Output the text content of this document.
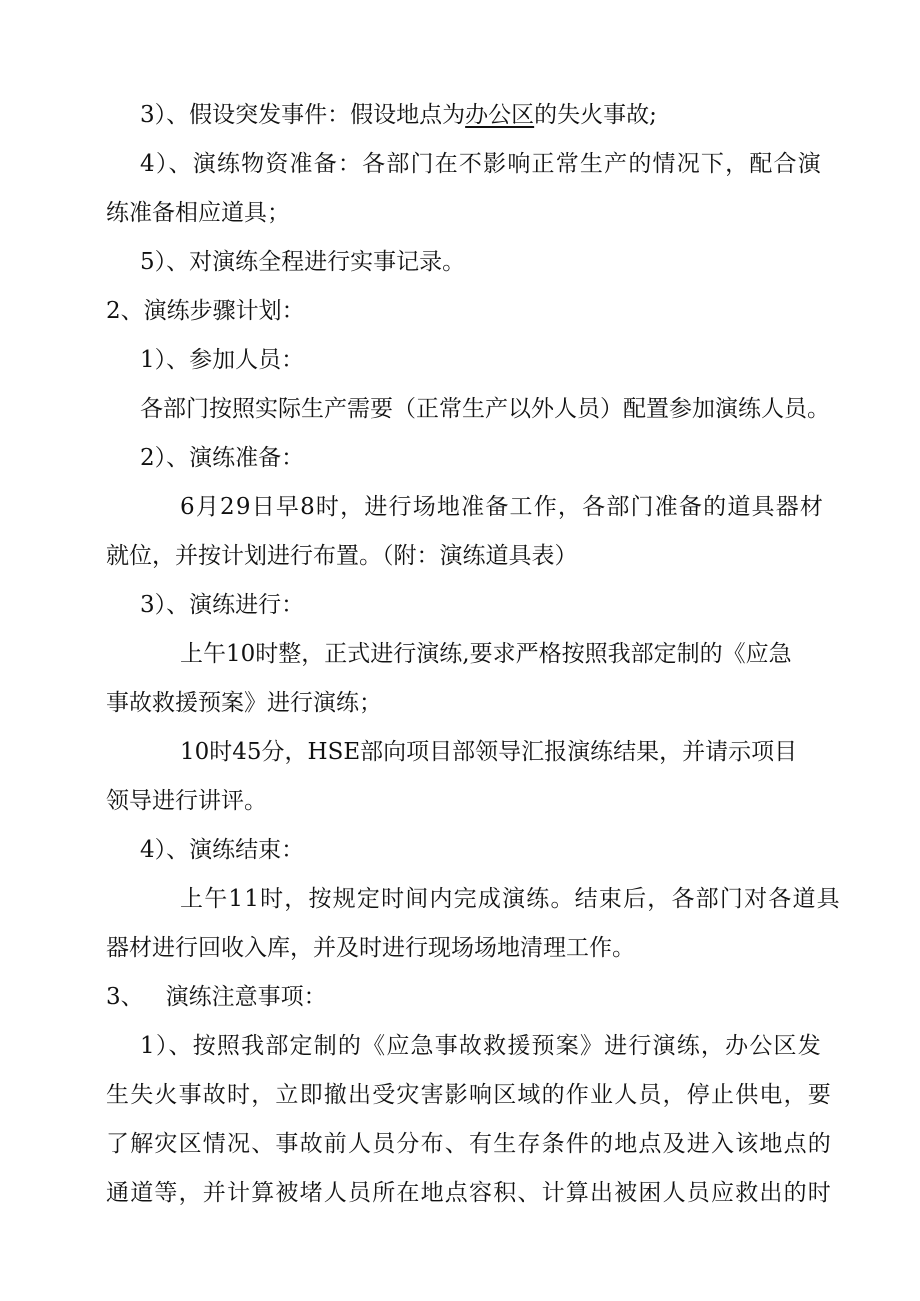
3）、假设突发事件：假设地点为办公区的失火事故;
4）、演练物资准备：各部门在不影响正常生产的情况下，配合演
练准备相应道具；
5）、对演练全程进行实事记录。
2、演练步骤计划：
1）、参加人员：
各部门按照实际生产需要（正常生产以外人员）配置参加演练人员。
2）、演练准备：
6月29日早8时，进行场地准备工作，各部门准备的道具器材
就位，并按计划进行布置。（附：演练道具表）
3）、演练进行：
上午10时整，正式进行演练,要求严格按照我部定制的《应急
事故救援预案》进行演练；
10时45分，HSE部向项目部领导汇报演练结果，并请示项目
领导进行讲评。
4）、演练结束：
上午11时，按规定时间内完成演练。结束后，各部门对各道具
器材进行回收入库，并及时进行现场场地清理工作。
3、 演练注意事项：
1）、按照我部定制的《应急事故救援预案》进行演练，办公区发
生失火事故时，立即撤出受灾害影响区域的作业人员，停止供电，要
了解灾区情况、事故前人员分布、有生存条件的地点及进入该地点的
通道等，并计算被堵人员所在地点容积、计算出被困人员应救出的时
